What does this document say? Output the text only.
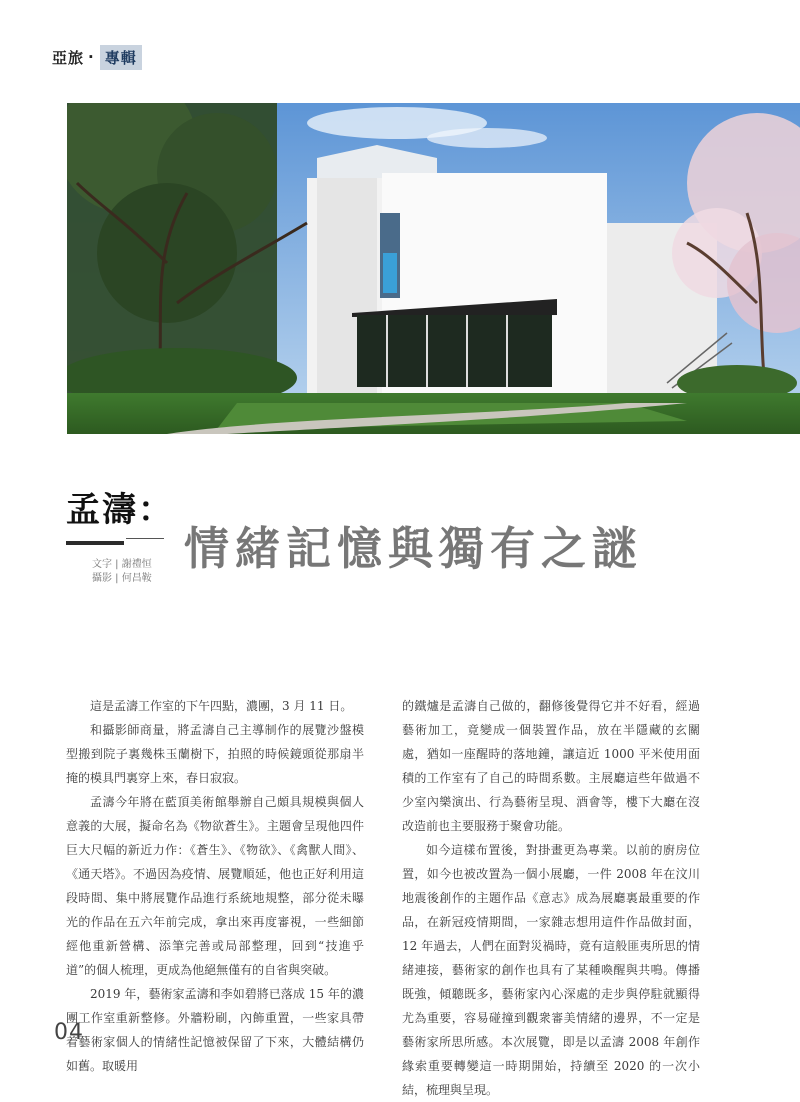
亞旅 · 專輯
孟濤：
文字 | 謝禮恒
攝影 | 何昌鞍
情緒記憶與獨有之謎

這是孟濤工作室的下午四點，濃團，3 月 11 日。

和攝影師商量，將孟濤自己主導制作的展覽沙盤模型搬到院子裏幾株玉蘭樹下，拍照的時候鏡頭從那扇半掩的模具門裏穿上來，春日寂寂。

孟濤今年將在藍頂美術館舉辦自己頗具規模與個人意義的大展，擬命名為《物欲蒼生》。主題會呈現他四件巨大尺幅的新近力作：《蒼生》、《物欲》、《禽獸人間》、《通天塔》。不過因為疫情、展覽順延，他也正好利用這段時間、集中將展覽作品進行系統地規整，部分從未曝光的作品在五六年前完成，拿出來再度審視，一些細節經他重新營構、添筆完善或局部整理，回到“技進乎道”的個人梳理，更成為他絕無僅有的自省與突破。

2019 年，藝術家孟濤和李如碧將已落成 15 年的濃團工作室重新整修。外牆粉刷，內飾重置，一些家具帶着藝術家個人的情緒性記憶被保留了下來，大體結構仍如舊。取暖用

的鐵爐是孟濤自己做的，翻修後覺得它并不好看，經過藝術加工，竟變成一個裝置作品，放在半隱藏的玄關處，猶如一座醒時的落地鐘，讓這近 1000 平米使用面積的工作室有了自己的時間系數。主展廳這些年做過不少室內樂演出、行為藝術呈現、酒會等，樓下大廳在沒改造前也主要服務于聚會功能。

如今這樣布置後，對掛畫更為專業。以前的廚房位置，如今也被改置為一個小展廳，一件 2008 年在汶川地震後創作的主題作品《意志》成為展廳裏最重要的作品，在新冠疫情期間，一家雜志想用這件作品做封面，12 年過去，人們在面對災禍時，竟有這般匪夷所思的情緒連接，藝術家的創作也具有了某種喚醒與共鳴。傳播既強，傾聽既多，藝術家內心深處的走步與停駐就顯得尤為重要，容易碰撞到觀衆審美情緒的邊界，不一定是藝術家所思所感。本次展覽，即是以孟濤 2008 年創作緣索重要轉變這一時期開始，持續至 2020 的一次小結，梳理與呈現。

04
